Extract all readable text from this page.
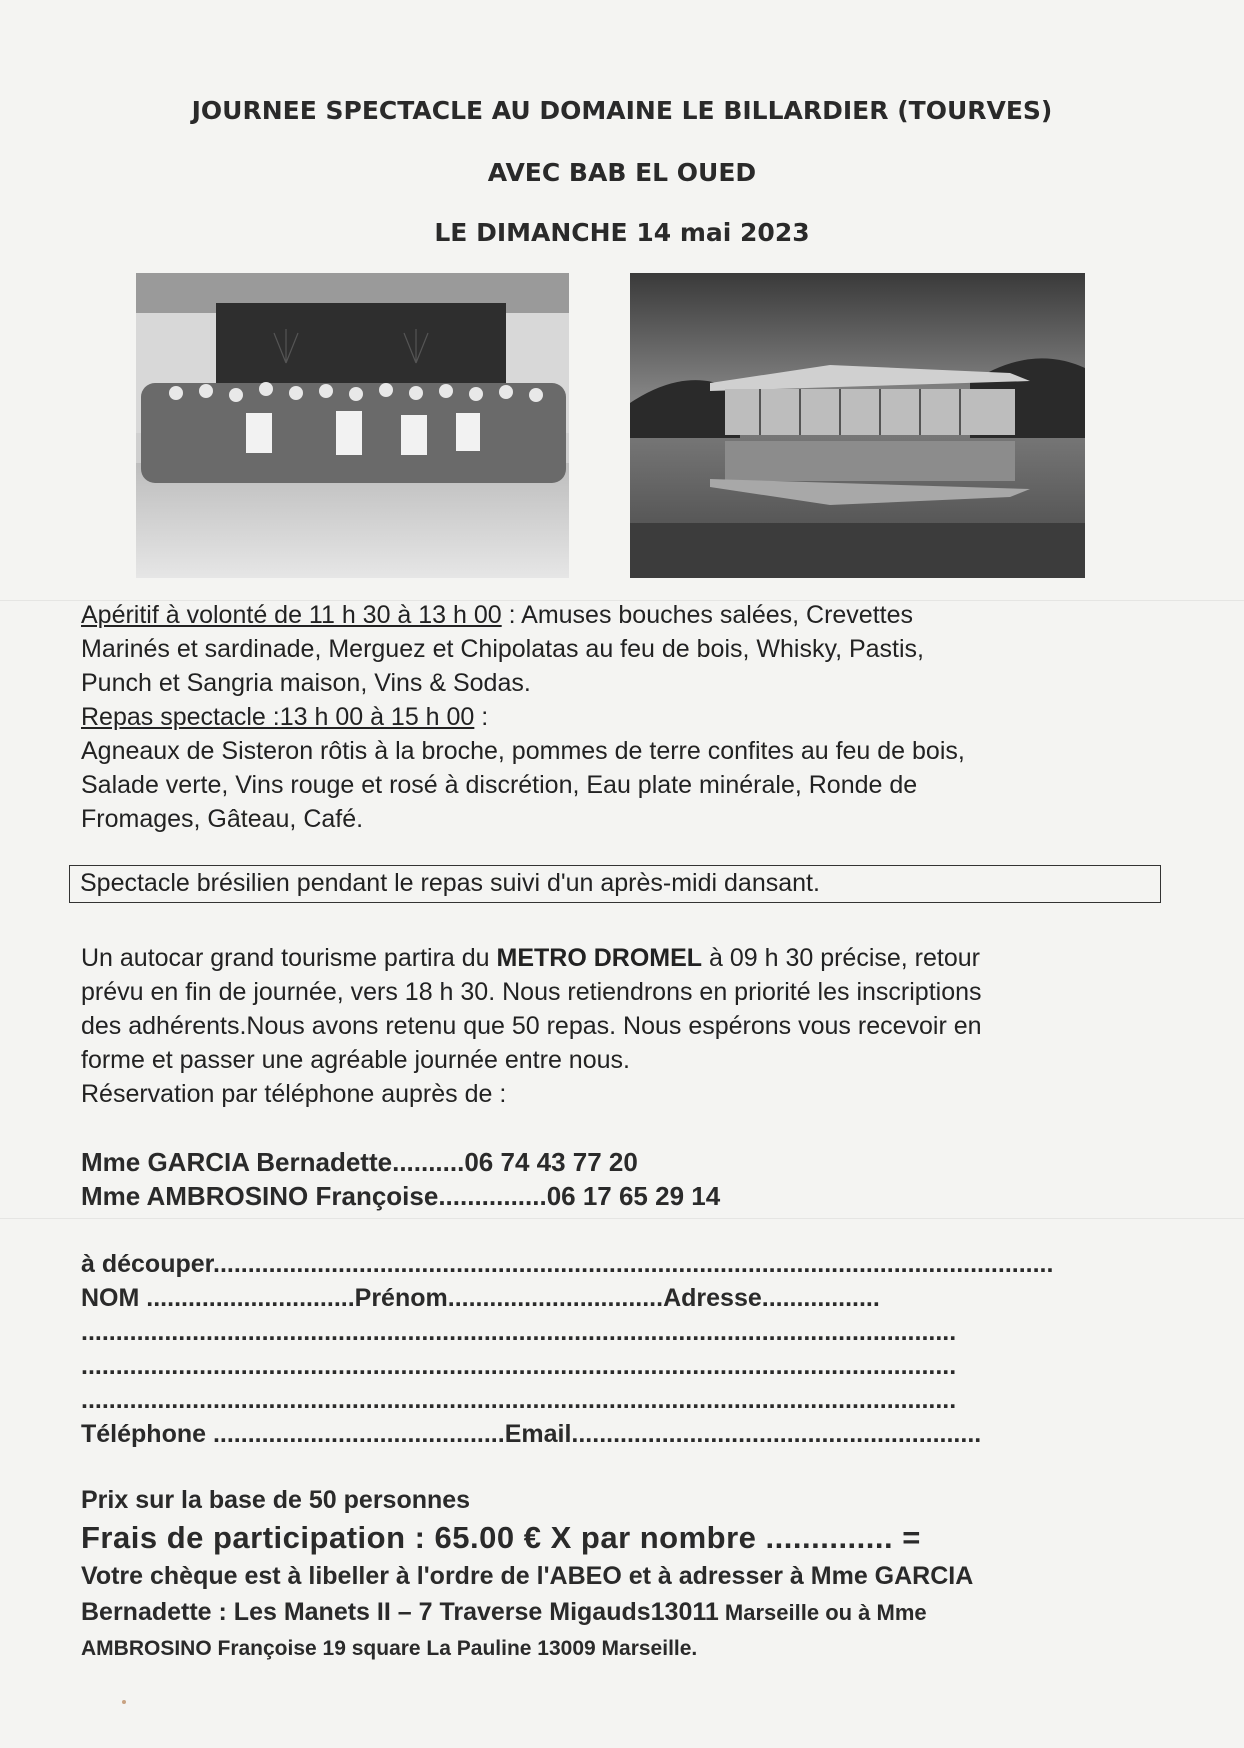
JOURNEE SPECTACLE AU DOMAINE LE BILLARDIER (TOURVES)
AVEC BAB EL OUED
LE DIMANCHE 14 mai 2023

Apéritif à volonté de 11 h 30 à 13 h 00 : Amuses bouches salées, Crevettes

Marinés et sardinade, Merguez et Chipolatas au feu de bois, Whisky, Pastis,

Punch et Sangria maison, Vins & Sodas.

Repas spectacle :13 h 00 à 15 h 00 :

Agneaux de Sisteron rôtis à la broche, pommes de terre confites au feu de bois,

Salade verte, Vins rouge et rosé à discrétion, Eau plate minérale, Ronde de

Fromages, Gâteau, Café.

Spectacle brésilien pendant le repas suivi d'un après-midi dansant.

Un autocar grand tourisme partira du METRO DROMEL à 09 h 30 précise, retour

prévu en fin de journée, vers 18 h 30. Nous retiendrons en priorité les inscriptions

des adhérents.Nous avons retenu que 50 repas. Nous espérons vous recevoir en

forme et passer une agréable journée entre nous.

Réservation par téléphone auprès de :

Mme GARCIA Bernadette..........06 74 43 77 20

Mme AMBROSINO Françoise...............06 17 65 29 14

à découper.........................................................................................................................
NOM ..............................Prénom...............................Adresse.................
..............................................................................................................................
..............................................................................................................................
..............................................................................................................................
Téléphone ..........................................Email...........................................................

Prix sur la base de 50 personnes

Frais de participation : 65.00 € X par nombre .............. =

Votre chèque est à libeller à l'ordre de l'ABEO et à adresser à Mme GARCIA

Bernadette : Les Manets II – 7 Traverse Migauds13011 Marseille ou à Mme

AMBROSINO Françoise 19 square La Pauline 13009 Marseille.
